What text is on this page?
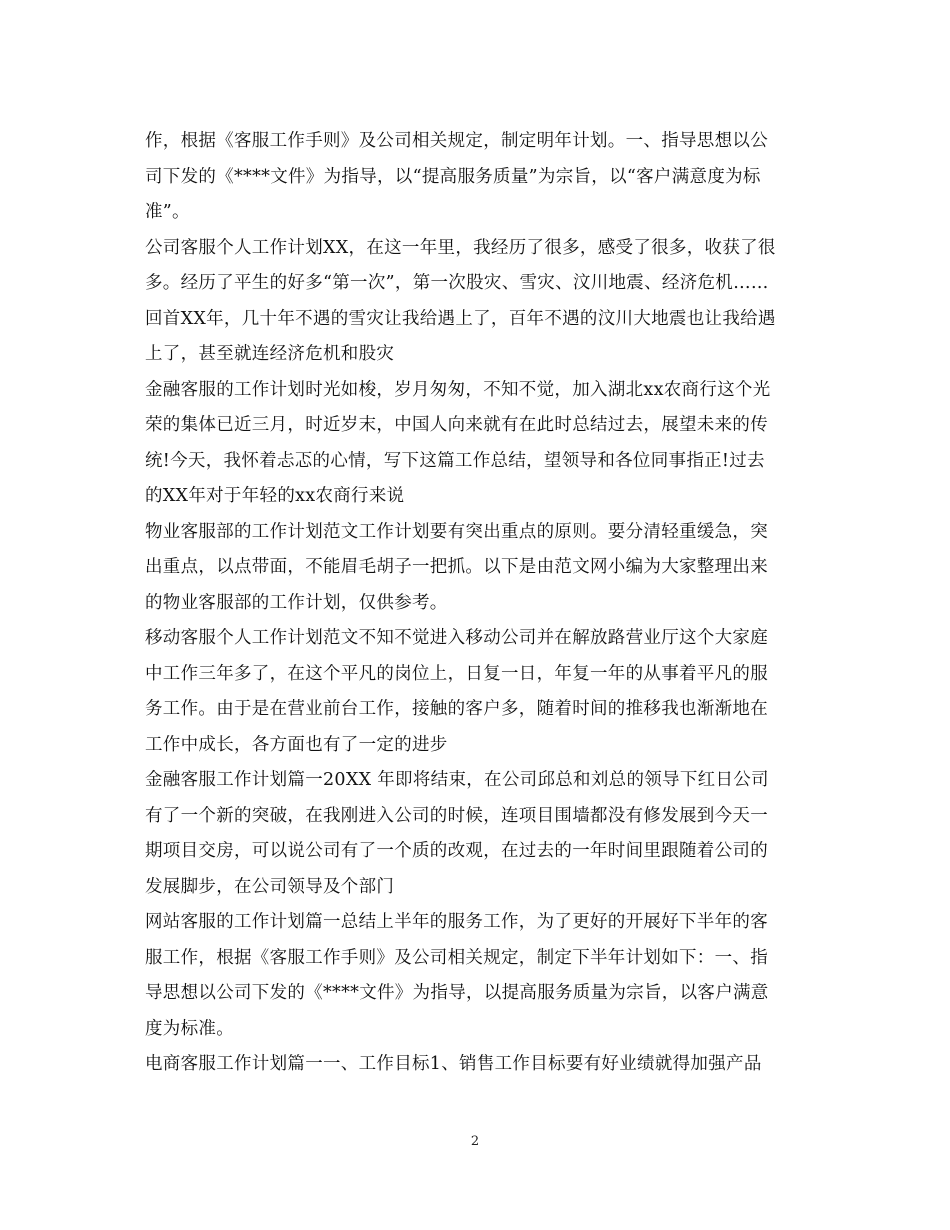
作，根据《客服工作手则》及公司相关规定，制定明年计划。一、指导思想以公
司下发的《****文件》为指导，以“提高服务质量”为宗旨，以“客户满意度为标
准”。
公司客服个人工作计划XX，在这一年里，我经历了很多，感受了很多，收获了很
多。经历了平生的好多“第一次”，第一次股灾、雪灾、汶川地震、经济危机……
回首XX年，几十年不遇的雪灾让我给遇上了，百年不遇的汶川大地震也让我给遇
上了，甚至就连经济危机和股灾
金融客服的工作计划时光如梭，岁月匆匆，不知不觉，加入湖北xx农商行这个光
荣的集体已近三月，时近岁末，中国人向来就有在此时总结过去，展望未来的传
统!今天，我怀着忐忑的心情，写下这篇工作总结，望领导和各位同事指正!过去
的XX年对于年轻的xx农商行来说
物业客服部的工作计划范文工作计划要有突出重点的原则。要分清轻重缓急，突
出重点，以点带面，不能眉毛胡子一把抓。以下是由范文网小编为大家整理出来
的物业客服部的工作计划，仅供参考。
移动客服个人工作计划范文不知不觉进入移动公司并在解放路营业厅这个大家庭
中工作三年多了，在这个平凡的岗位上，日复一日，年复一年的从事着平凡的服
务工作。由于是在营业前台工作，接触的客户多，随着时间的推移我也渐渐地在
工作中成长，各方面也有了一定的进步
金融客服工作计划篇一20XX 年即将结束，在公司邱总和刘总的领导下红日公司
有了一个新的突破，在我刚进入公司的时候，连项目围墙都没有修发展到今天一
期项目交房，可以说公司有了一个质的改观，在过去的一年时间里跟随着公司的
发展脚步，在公司领导及个部门
网站客服的工作计划篇一总结上半年的服务工作，为了更好的开展好下半年的客
服工作，根据《客服工作手则》及公司相关规定，制定下半年计划如下：一、指
导思想以公司下发的《****文件》为指导，以提高服务质量为宗旨，以客户满意
度为标准。
电商客服工作计划篇一一、工作目标1、销售工作目标要有好业绩就得加强产品
2
